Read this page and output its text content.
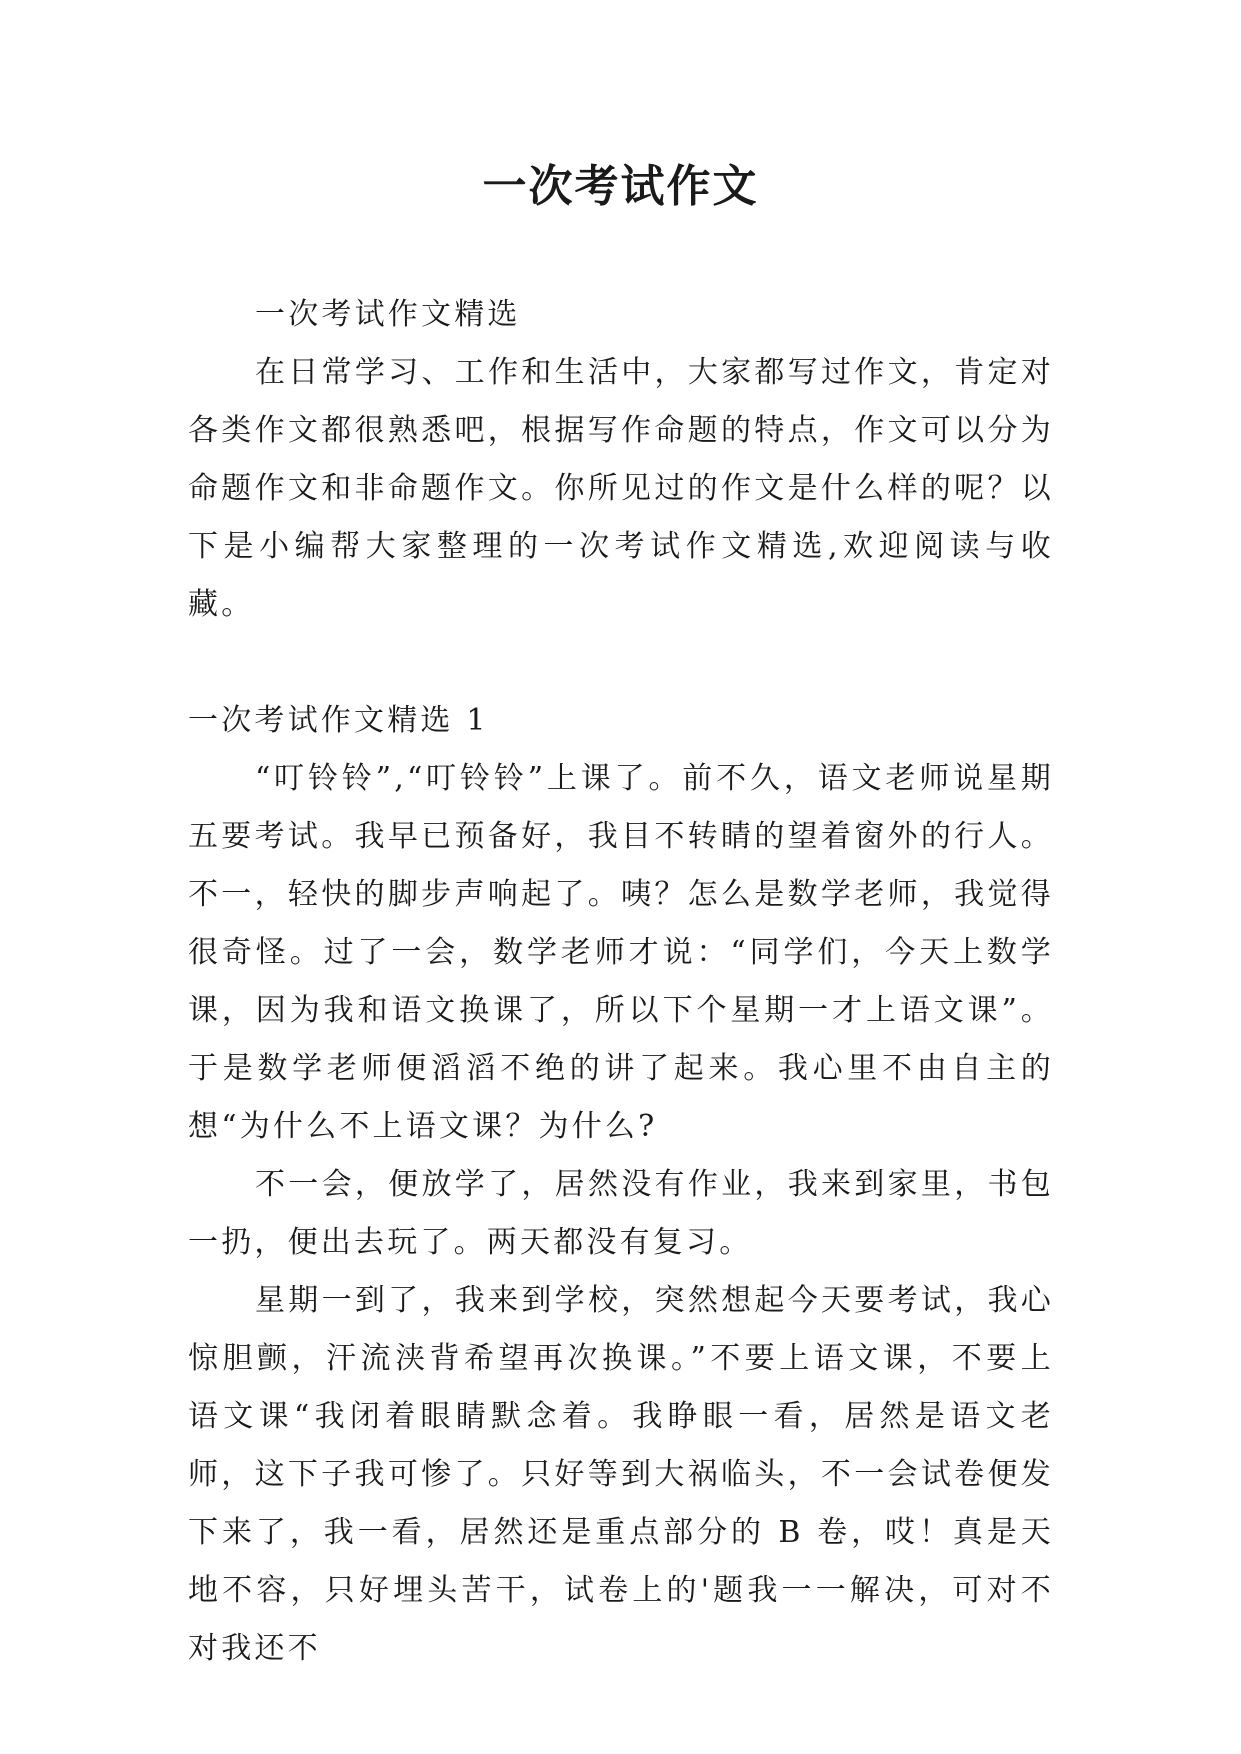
一次考试作文

一次考试作文精选

在日常学习、工作和生活中，大家都写过作文，肯定对各类作文都很熟悉吧，根据写作命题的特点，作文可以分为命题作文和非命题作文。你所见过的作文是什么样的呢？以下是小编帮大家整理的一次考试作文精选,欢迎阅读与收藏。

一次考试作文精选 1

“叮铃铃”,“叮铃铃”上课了。前不久，语文老师说星期五要考试。我早已预备好，我目不转睛的望着窗外的行人。不一，轻快的脚步声响起了。咦？怎么是数学老师，我觉得很奇怪。过了一会，数学老师才说：“同学们，今天上数学课，因为我和语文换课了，所以下个星期一才上语文课”。于是数学老师便滔滔不绝的讲了起来。我心里不由自主的想“为什么不上语文课？为什么?

不一会，便放学了，居然没有作业，我来到家里，书包一扔，便出去玩了。两天都没有复习。

星期一到了，我来到学校，突然想起今天要考试，我心惊胆颤，汗流浃背希望再次换课。”不要上语文课，不要上语文课“我闭着眼睛默念着。我睁眼一看，居然是语文老师，这下子我可惨了。只好等到大祸临头，不一会试卷便发下来了，我一看，居然还是重点部分的 B 卷，哎！真是天地不容，只好埋头苦干，试卷上的'题我一一解决，可对不对我还不
